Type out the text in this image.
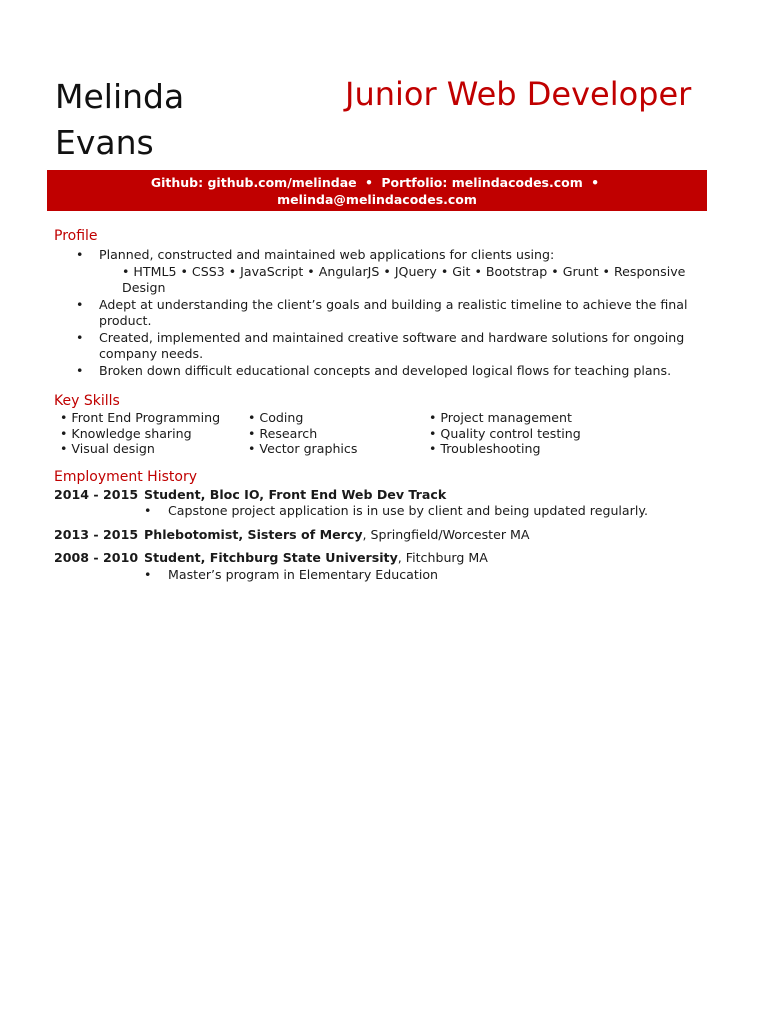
Melinda
Evans
Junior Web Developer
Github: github.com/melindae • Portfolio: melindacodes.com •
melinda@melindacodes.com
Profile
• Planned, constructed and maintained web applications for clients using:
• HTML5 • CSS3 • JavaScript • AngularJS • JQuery • Git • Bootstrap • Grunt • Responsive
Design
• Adept at understanding the client’s goals and building a realistic timeline to achieve the final
product.
• Created, implemented and maintained creative software and hardware solutions for ongoing
company needs.
• Broken down difficult educational concepts and developed logical flows for teaching plans.
Key Skills
• Front End Programming
• Knowledge sharing
• Visual design
• Coding
• Research
• Vector graphics
• Project management
• Quality control testing
• Troubleshooting
Employment History
2014 - 2015 Student, Bloc IO, Front End Web Dev Track
• Capstone project application is in use by client and being updated regularly.
2013 - 2015 Phlebotomist, Sisters of Mercy, Springfield/Worcester MA
2008 - 2010 Student, Fitchburg State University, Fitchburg MA
• Master’s program in Elementary Education
